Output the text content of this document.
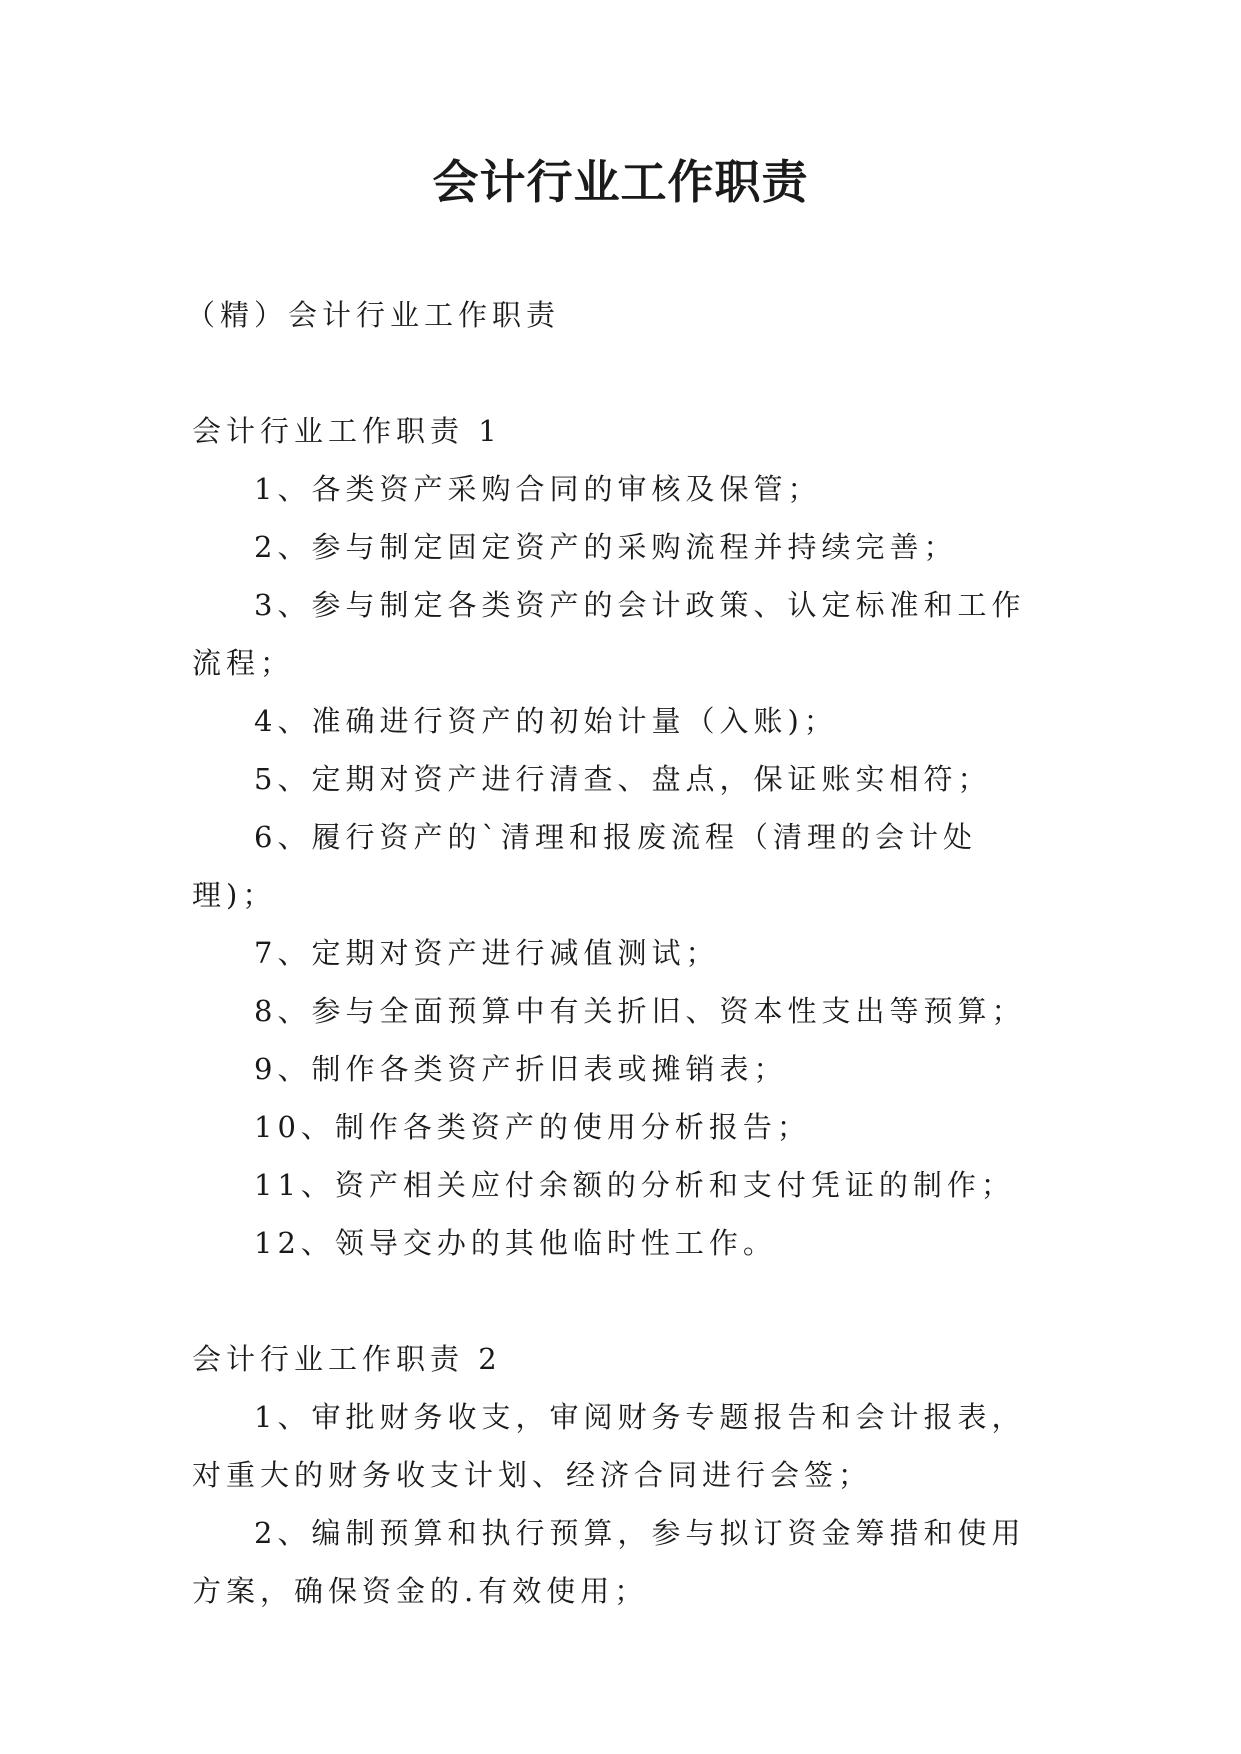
会计行业工作职责

（精）会计行业工作职责

会计行业工作职责 1

1、各类资产采购合同的审核及保管；

2、参与制定固定资产的采购流程并持续完善；

3、参与制定各类资产的会计政策、认定标准和工作流程；

4、准确进行资产的初始计量（入账)；

5、定期对资产进行清查、盘点，保证账实相符；

6、履行资产的`清理和报废流程（清理的会计处理)；

7、定期对资产进行减值测试；

8、参与全面预算中有关折旧、资本性支出等预算；

9、制作各类资产折旧表或摊销表；

10、制作各类资产的使用分析报告；

11、资产相关应付余额的分析和支付凭证的制作；

12、领导交办的其他临时性工作。

会计行业工作职责 2

1、审批财务收支，审阅财务专题报告和会计报表，对重大的财务收支计划、经济合同进行会签；

2、编制预算和执行预算，参与拟订资金筹措和使用方案，确保资金的.有效使用；
